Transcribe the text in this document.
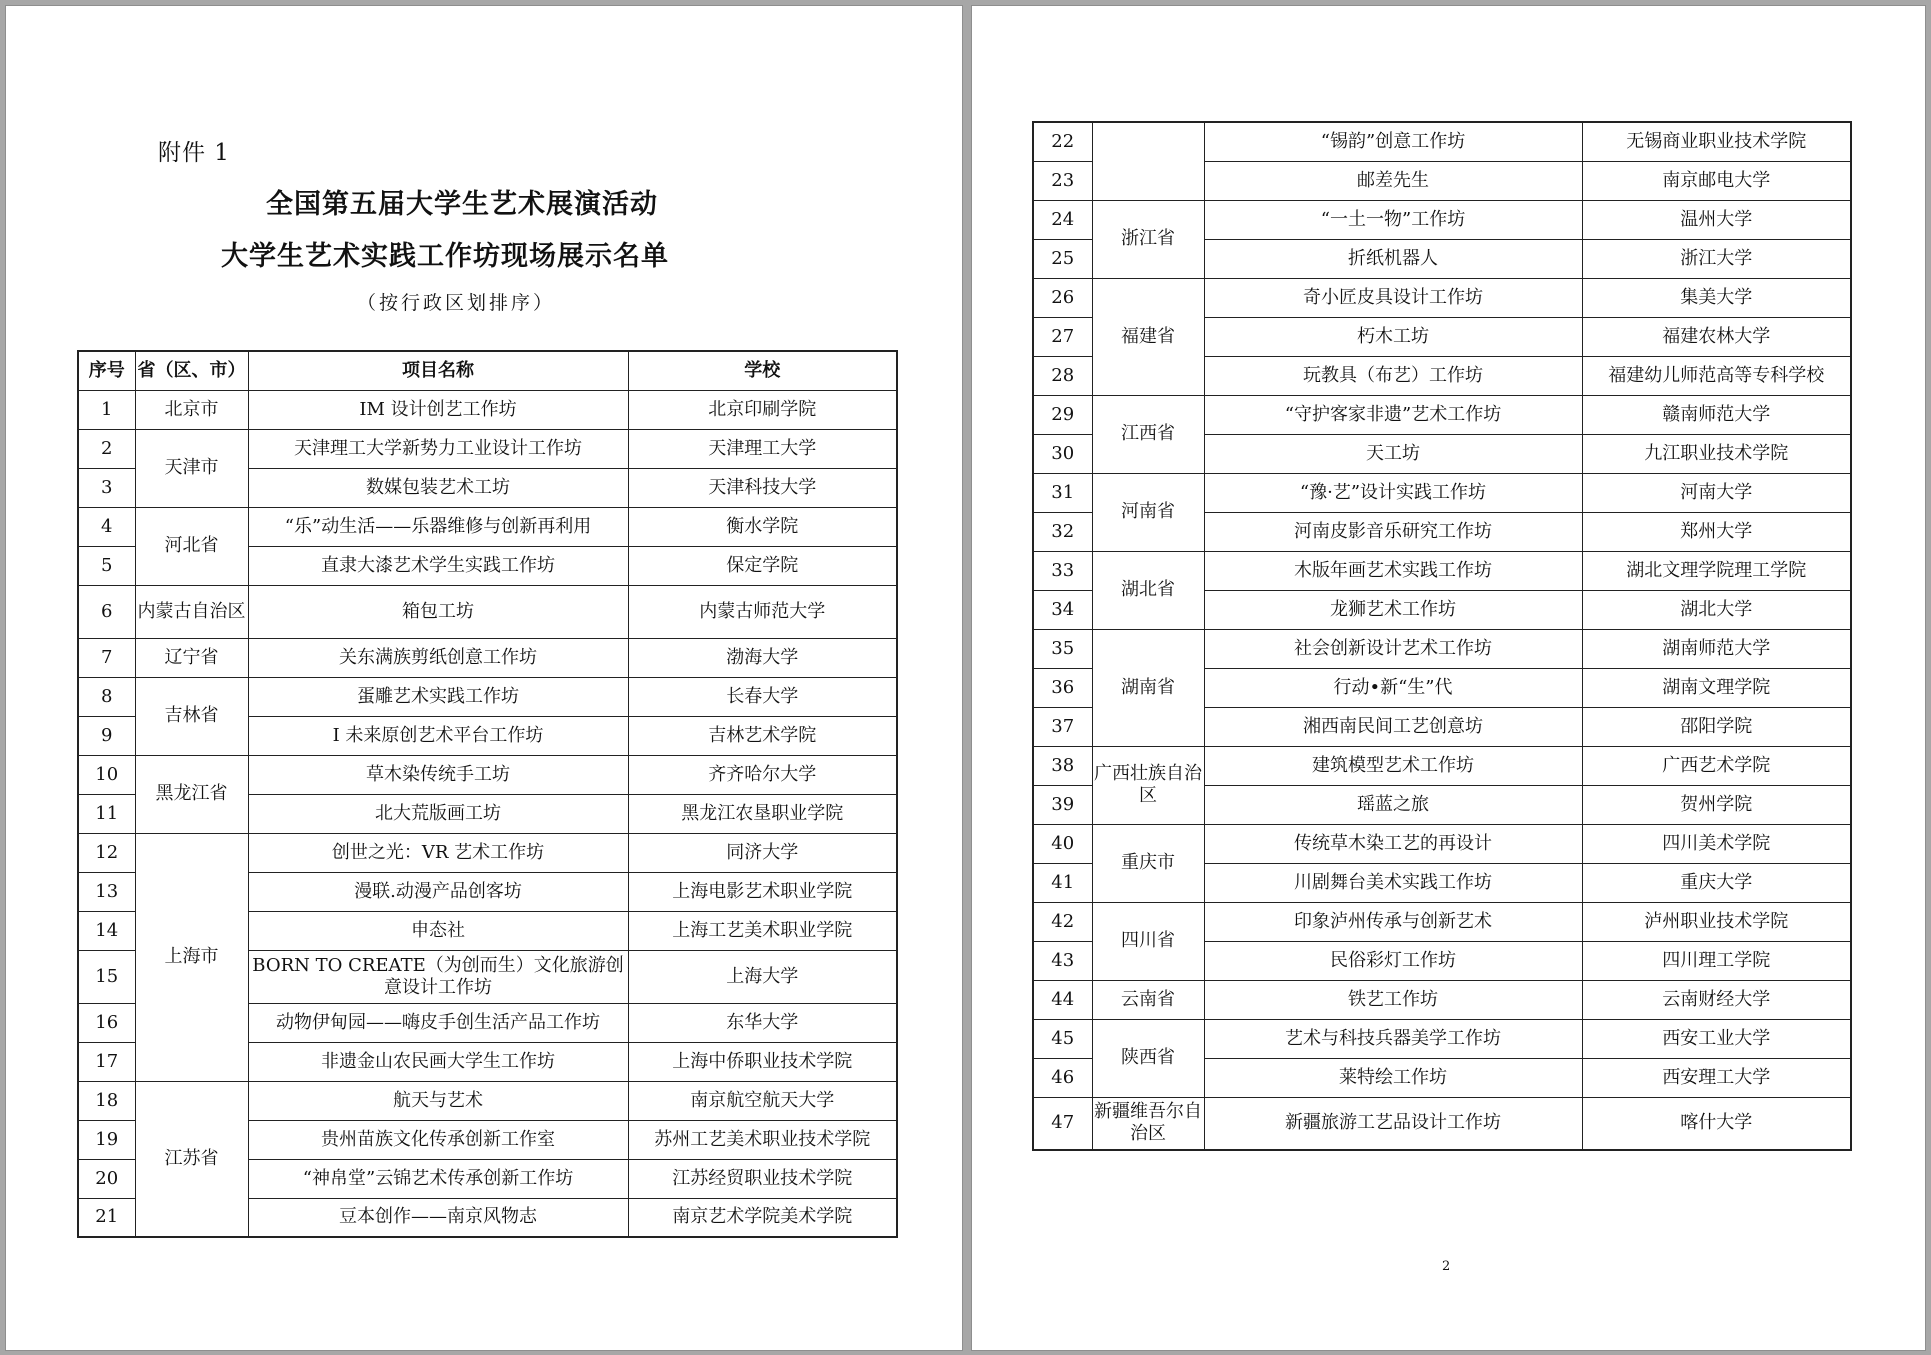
附件 1
全国第五届大学生艺术展演活动
大学生艺术实践工作坊现场展示名单
（按行政区划排序）
序号	省（区、市）	项目名称	学校
1	北京市	IM 设计创艺工作坊	北京印刷学院
2	天津市	天津理工大学新势力工业设计工作坊	天津理工大学
3		数媒包装艺术工坊	天津科技大学
4	河北省	“乐”动生活——乐器维修与创新再利用	衡水学院
5		直隶大漆艺术学生实践工作坊	保定学院
6	内蒙古自治区	箱包工坊	内蒙古师范大学
7	辽宁省	关东满族剪纸创意工作坊	渤海大学
8	吉林省	蛋雕艺术实践工作坊	长春大学
9		I 未来原创艺术平台工作坊	吉林艺术学院
10	黑龙江省	草木染传统手工坊	齐齐哈尔大学
11		北大荒版画工坊	黑龙江农垦职业学院
12	上海市	创世之光：VR 艺术工作坊	同济大学
13		漫联.动漫产品创客坊	上海电影艺术职业学院
14		申态社	上海工艺美术职业学院
15		BORN TO CREATE（为创而生）文化旅游创意设计工作坊	上海大学
16		动物伊甸园——嗨皮手创生活产品工作坊	东华大学
17		非遗金山农民画大学生工作坊	上海中侨职业技术学院
18	江苏省	航天与艺术	南京航空航天大学
19		贵州苗族文化传承创新工作室	苏州工艺美术职业技术学院
20		“神帛堂”云锦艺术传承创新工作坊	江苏经贸职业技术学院
21		豆本创作——南京风物志	南京艺术学院美术学院
22		“锡韵”创意工作坊	无锡商业职业技术学院
23		邮差先生	南京邮电大学
24	浙江省	“一土一物”工作坊	温州大学
25		折纸机器人	浙江大学
26	福建省	奇小匠皮具设计工作坊	集美大学
27		朽木工坊	福建农林大学
28		玩教具（布艺）工作坊	福建幼儿师范高等专科学校
29	江西省	“守护客家非遗”艺术工作坊	赣南师范大学
30		天工坊	九江职业技术学院
31	河南省	“豫·艺”设计实践工作坊	河南大学
32		河南皮影音乐研究工作坊	郑州大学
33	湖北省	木版年画艺术实践工作坊	湖北文理学院理工学院
34		龙狮艺术工作坊	湖北大学
35	湖南省	社会创新设计艺术工作坊	湖南师范大学
36		行动•新“生”代	湖南文理学院
37		湘西南民间工艺创意坊	邵阳学院
38	广西壮族自治区	建筑模型艺术工作坊	广西艺术学院
39		瑶蓝之旅	贺州学院
40	重庆市	传统草木染工艺的再设计	四川美术学院
41		川剧舞台美术实践工作坊	重庆大学
42	四川省	印象泸州传承与创新艺术	泸州职业技术学院
43		民俗彩灯工作坊	四川理工学院
44	云南省	铁艺工作坊	云南财经大学
45	陕西省	艺术与科技兵器美学工作坊	西安工业大学
46		莱特绘工作坊	西安理工大学
47	新疆维吾尔自治区	新疆旅游工艺品设计工作坊	喀什大学
2
